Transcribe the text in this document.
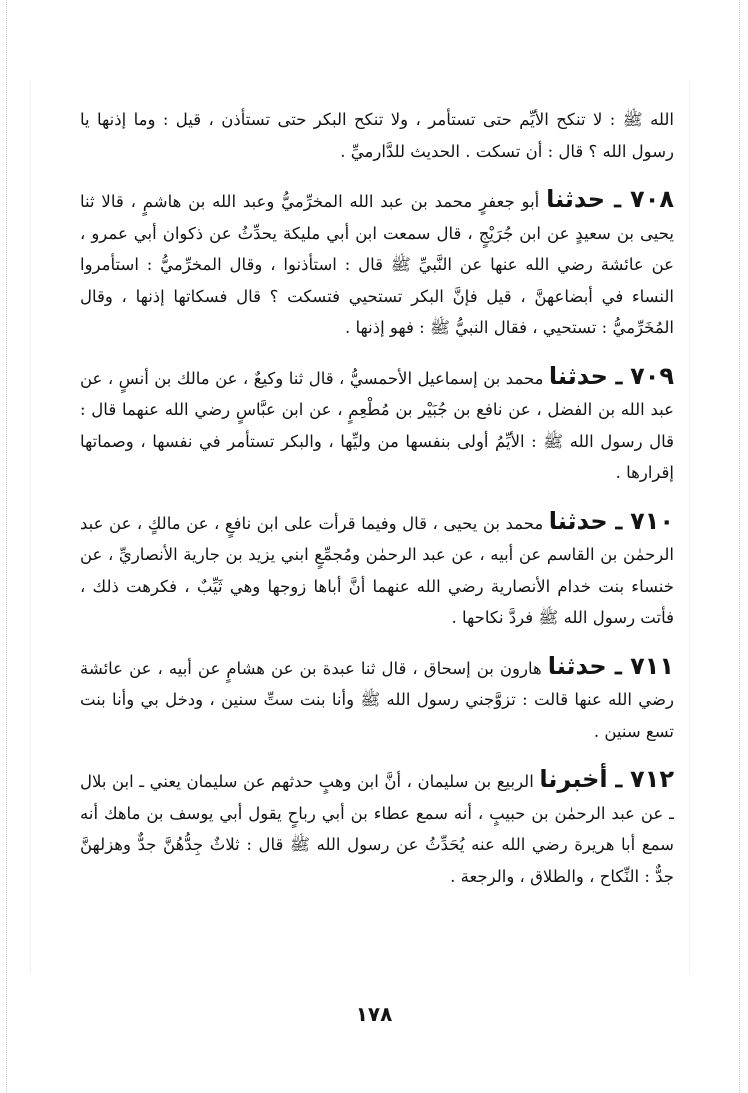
الله ﷺ : لا تنكح الأيِّم حتى تستأمر ، ولا تنكح البكر حتى تستأذن ، قيل : وما إذنها يا رسول الله ؟ قال : أن تسكت . الحديث للدَّارميِّ .

٧٠٨ ـ حدثنا أبو جعفرٍ محمد بن عبد الله المخرِّميُّ وعبد الله بن هاشمٍ ، قالا ثنا يحيى بن سعيدٍ عن ابن جُرَيْجٍ ، قال سمعت ابن أبي مليكة يحدِّثُ عن ذكوان أبي عمرو ، عن عائشة رضي الله عنها عن النَّبيِّ ﷺ قال : استأذنوا ، وقال المخرِّميُّ : استأمروا النساء في أبضاعهنَّ ، قيل فإنَّ البكر تستحيي فتسكت ؟ قال فسكاتها إذنها ، وقال المُخَرِّميُّ : تستحيي ، فقال النبيُّ ﷺ : فهو إذنها .

٧٠٩ ـ حدثنا محمد بن إسماعيل الأحمسيُّ ، قال ثنا وكيعٌ ، عن مالك بن أنسٍ ، عن عبد الله بن الفضل ، عن نافع بن جُبَيْر بن مُطْعِمٍ ، عن ابن عبَّاسٍ رضي الله عنهما قال : قال رسول الله ﷺ : الأيِّمُ أولى بنفسها من وليِّها ، والبكر تستأمر في نفسها ، وصماتها إقرارها .

٧١٠ ـ حدثنا محمد بن يحيى ، قال وفيما قرأت على ابن نافعٍ ، عن مالكٍ ، عن عبد الرحمٰن بن القاسم عن أبيه ، عن عبد الرحمٰن ومُجمِّعٍ ابني يزيد بن جارية الأنصاريِّ ، عن خنساء بنت خدام الأنصارية رضي الله عنهما أنَّ أباها زوجها وهي ثَيِّبٌ ، فكرهت ذلك ، فأتت رسول الله ﷺ فردَّ نكاحها .

٧١١ ـ حدثنا هارون بن إسحاق ، قال ثنا عبدة بن عن هشامٍ عن أبيه ، عن عائشة رضي الله عنها قالت : تزوَّجني رسول الله ﷺ وأنا بنت ستِّ سنين ، ودخل بي وأنا بنت تسع سنين .

٧١٢ ـ أخبرنا الربيع بن سليمان ، أنَّ ابن وهبٍ حدثهم عن سليمان يعني ـ ابن بلال ـ عن عبد الرحمٰن بن حبيبٍ ، أنه سمع عطاء بن أبي رباحٍ يقول أبي يوسف بن ماهك أنه سمع أبا هريرة رضي الله عنه يُحَدِّثُ عن رسول الله ﷺ قال : ثلاثٌ جِدُّهُنَّ جدٌّ وهزلهنَّ جدٌّ : النِّكاح ، والطلاق ، والرجعة .

١٧٨
